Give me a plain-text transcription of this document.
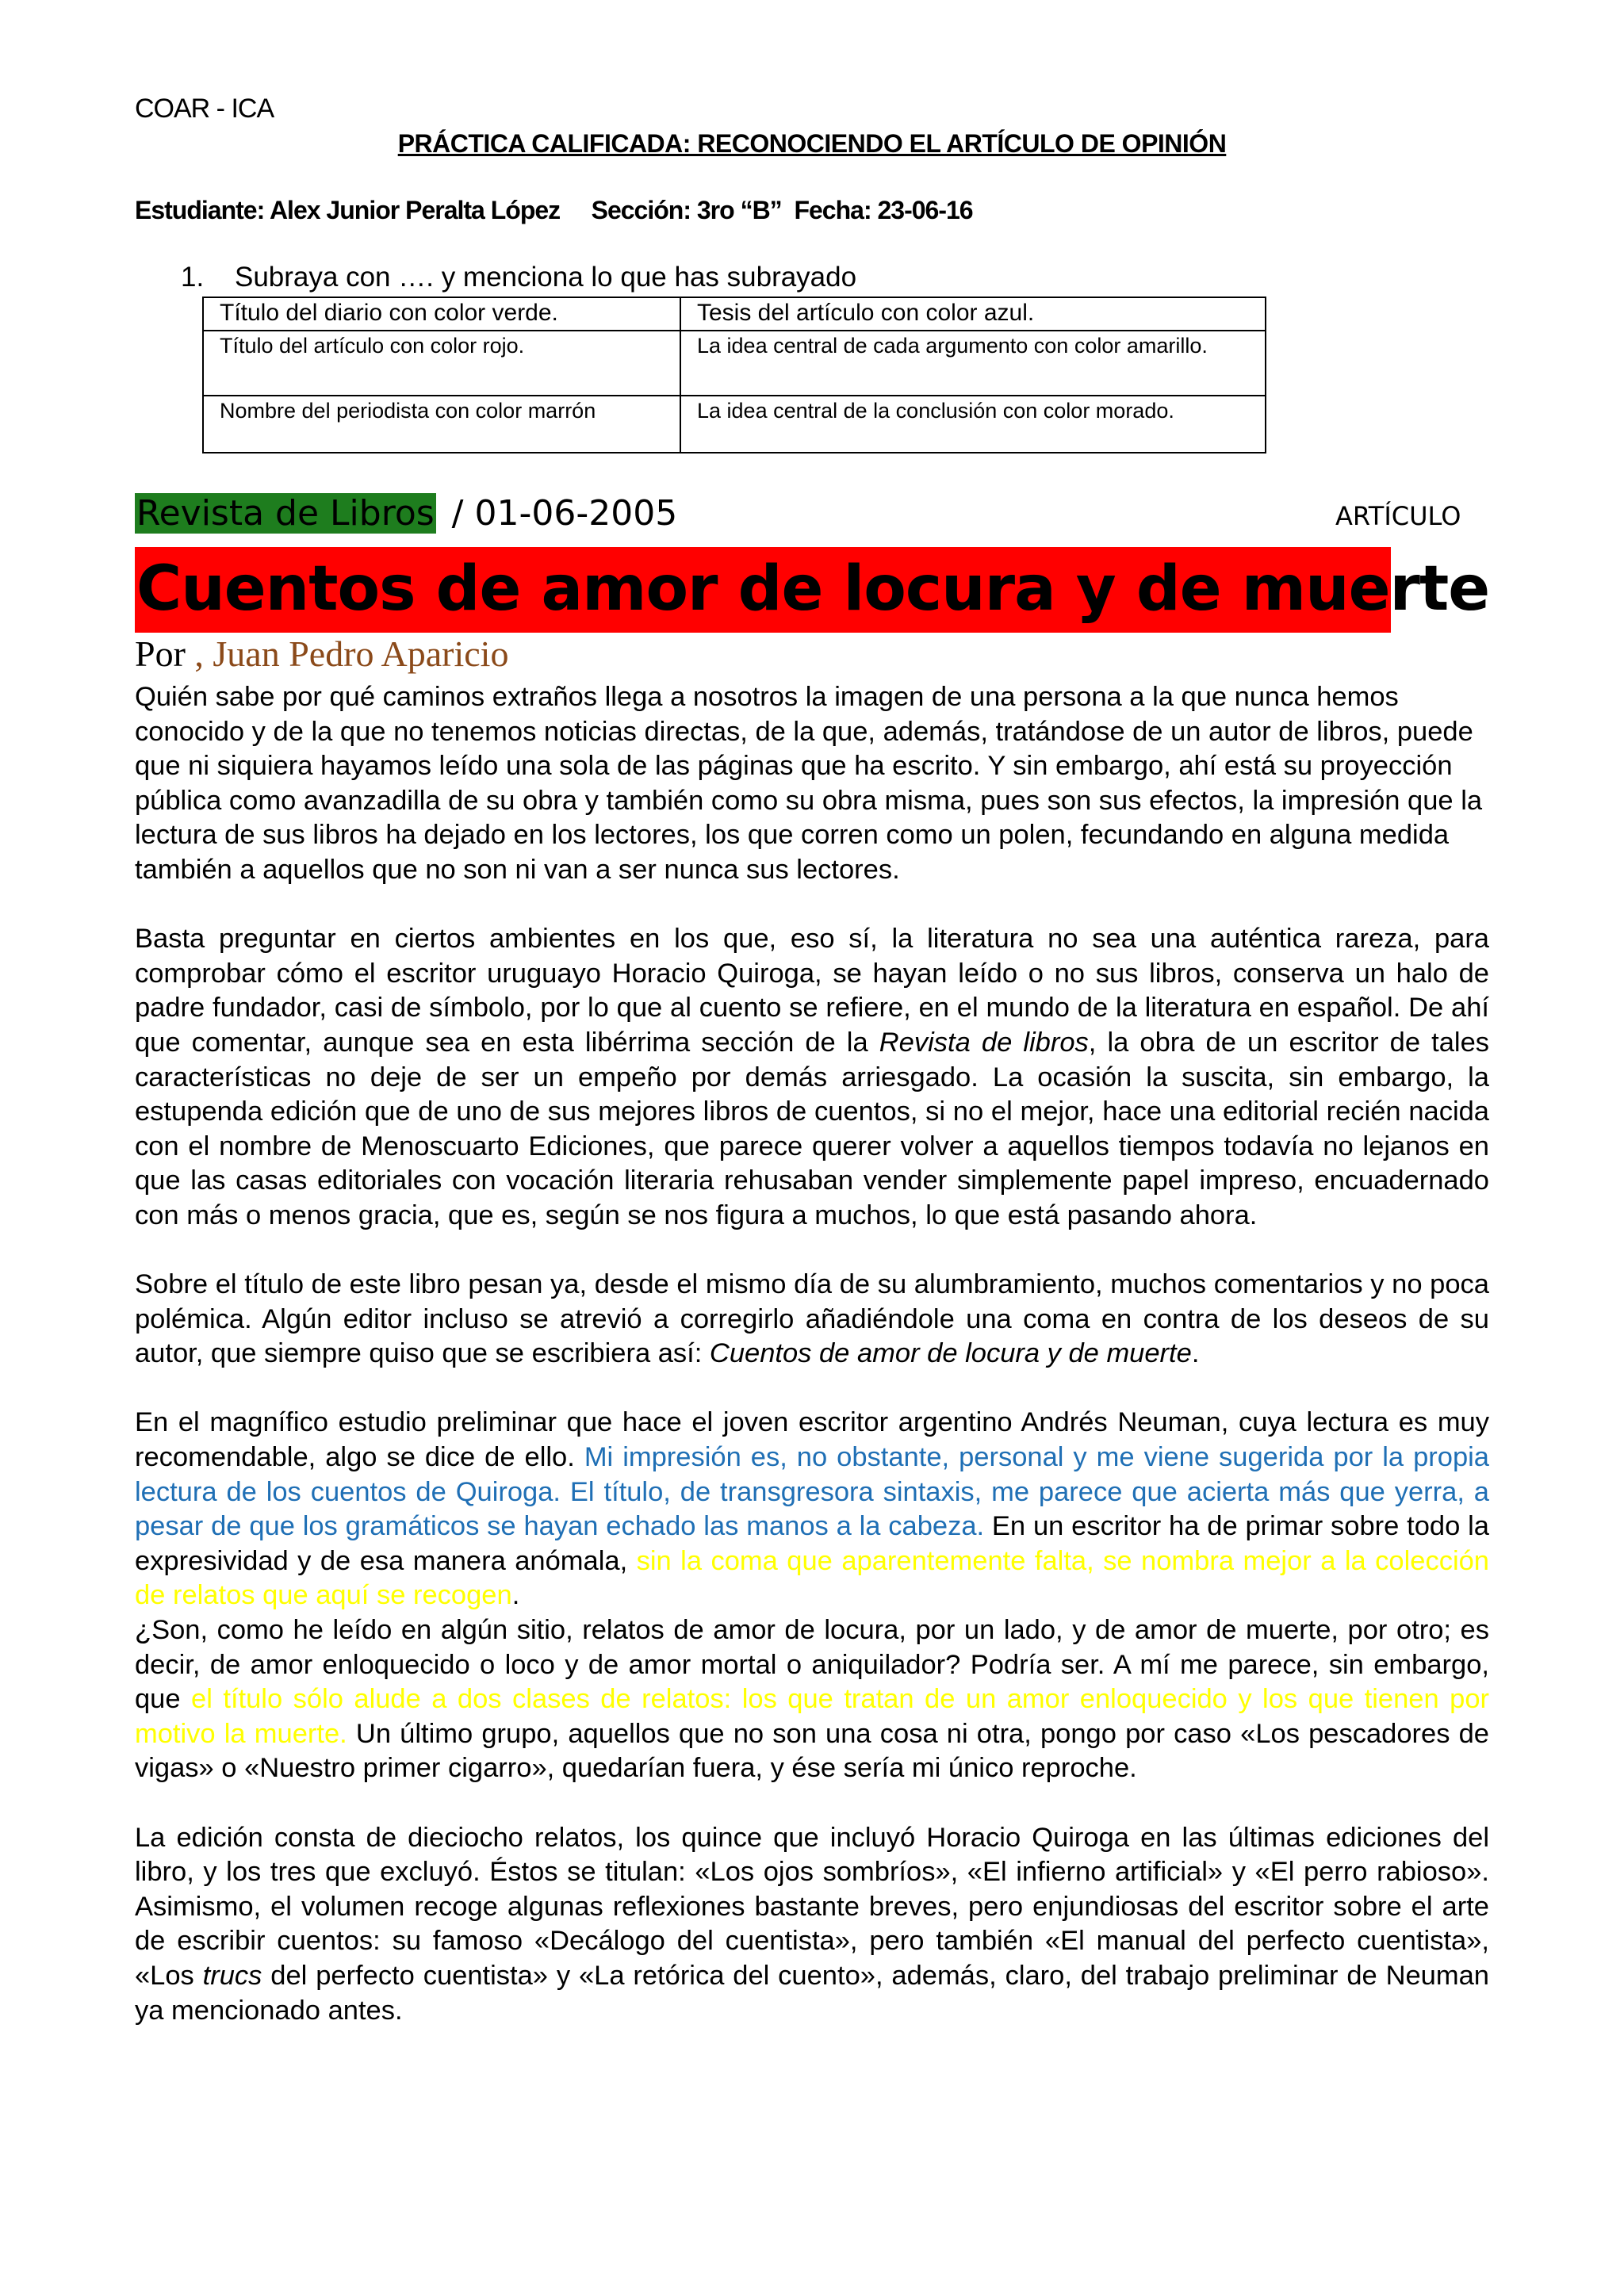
COAR - ICA
PRÁCTICA CALIFICADA: RECONOCIENDO EL ARTÍCULO DE OPINIÓN
Estudiante: Alex Junior Peralta López     Sección: 3ro “B”  Fecha: 23-06-16
1. Subraya con …. y menciona lo que has subrayado
Título del diario con color verde.	Tesis del artículo con color azul.
Título del artículo con color rojo.	La idea central de cada argumento con color amarillo.
Nombre del periodista con color marrón	La idea central de la conclusión con color morado.
Revista de Libros / 01-06-2005	ARTÍCULO
Cuentos de amor de locura y de muerte
Por , Juan Pedro Aparicio

Quién sabe por qué caminos extraños llega a nosotros la imagen de una persona a la que nunca hemos conocido y de la que no tenemos noticias directas, de la que, además, tratándose de un autor de libros, puede que ni siquiera hayamos leído una sola de las páginas que ha escrito. Y sin embargo, ahí está su proyección pública como avanzadilla de su obra y también como su obra misma, pues son sus efectos, la impresión que la lectura de sus libros ha dejado en los lectores, los que corren como un polen, fecundando en alguna medida también a aquellos que no son ni van a ser nunca sus lectores.

Basta preguntar en ciertos ambientes en los que, eso sí, la literatura no sea una auténtica rareza, para comprobar cómo el escritor uruguayo Horacio Quiroga, se hayan leído o no sus libros, conserva un halo de padre fundador, casi de símbolo, por lo que al cuento se refiere, en el mundo de la literatura en español. De ahí que comentar, aunque sea en esta libérrima sección de la Revista de libros, la obra de un escritor de tales características no deje de ser un empeño por demás arriesgado. La ocasión la suscita, sin embargo, la estupenda edición que de uno de sus mejores libros de cuentos, si no el mejor, hace una editorial recién nacida con el nombre de Menoscuarto Ediciones, que parece querer volver a aquellos tiempos todavía no lejanos en que las casas editoriales con vocación literaria rehusaban vender simplemente papel impreso, encuadernado con más o menos gracia, que es, según se nos figura a muchos, lo que está pasando ahora.

Sobre el título de este libro pesan ya, desde el mismo día de su alumbramiento, muchos comentarios y no poca polémica. Algún editor incluso se atrevió a corregirlo añadiéndole una coma en contra de los deseos de su autor, que siempre quiso que se escribiera así: Cuentos de amor de locura y de muerte.

En el magnífico estudio preliminar que hace el joven escritor argentino Andrés Neuman, cuya lectura es muy recomendable, algo se dice de ello. Mi impresión es, no obstante, personal y me viene sugerida por la propia lectura de los cuentos de Quiroga. El título, de transgresora sintaxis, me parece que acierta más que yerra, a pesar de que los gramáticos se hayan echado las manos a la cabeza. En un escritor ha de primar sobre todo la expresividad y de esa manera anómala, sin la coma que aparentemente falta, se nombra mejor a la colección de relatos que aquí se recogen.

¿Son, como he leído en algún sitio, relatos de amor de locura, por un lado, y de amor de muerte, por otro; es decir, de amor enloquecido o loco y de amor mortal o aniquilador? Podría ser. A mí me parece, sin embargo, que el título sólo alude a dos clases de relatos: los que tratan de un amor enloquecido y los que tienen por motivo la muerte. Un último grupo, aquellos que no son una cosa ni otra, pongo por caso «Los pescadores de vigas» o «Nuestro primer cigarro», quedarían fuera, y ése sería mi único reproche.

La edición consta de dieciocho relatos, los quince que incluyó Horacio Quiroga en las últimas ediciones del libro, y los tres que excluyó. Éstos se titulan: «Los ojos sombríos», «El infierno artificial» y «El perro rabioso». Asimismo, el volumen recoge algunas reflexiones bastante breves, pero enjundiosas del escritor sobre el arte de escribir cuentos: su famoso «Decálogo del cuentista», pero también «El manual del perfecto cuentista», «Los trucs del perfecto cuentista» y «La retórica del cuento», además, claro, del trabajo preliminar de Neuman ya mencionado antes.
